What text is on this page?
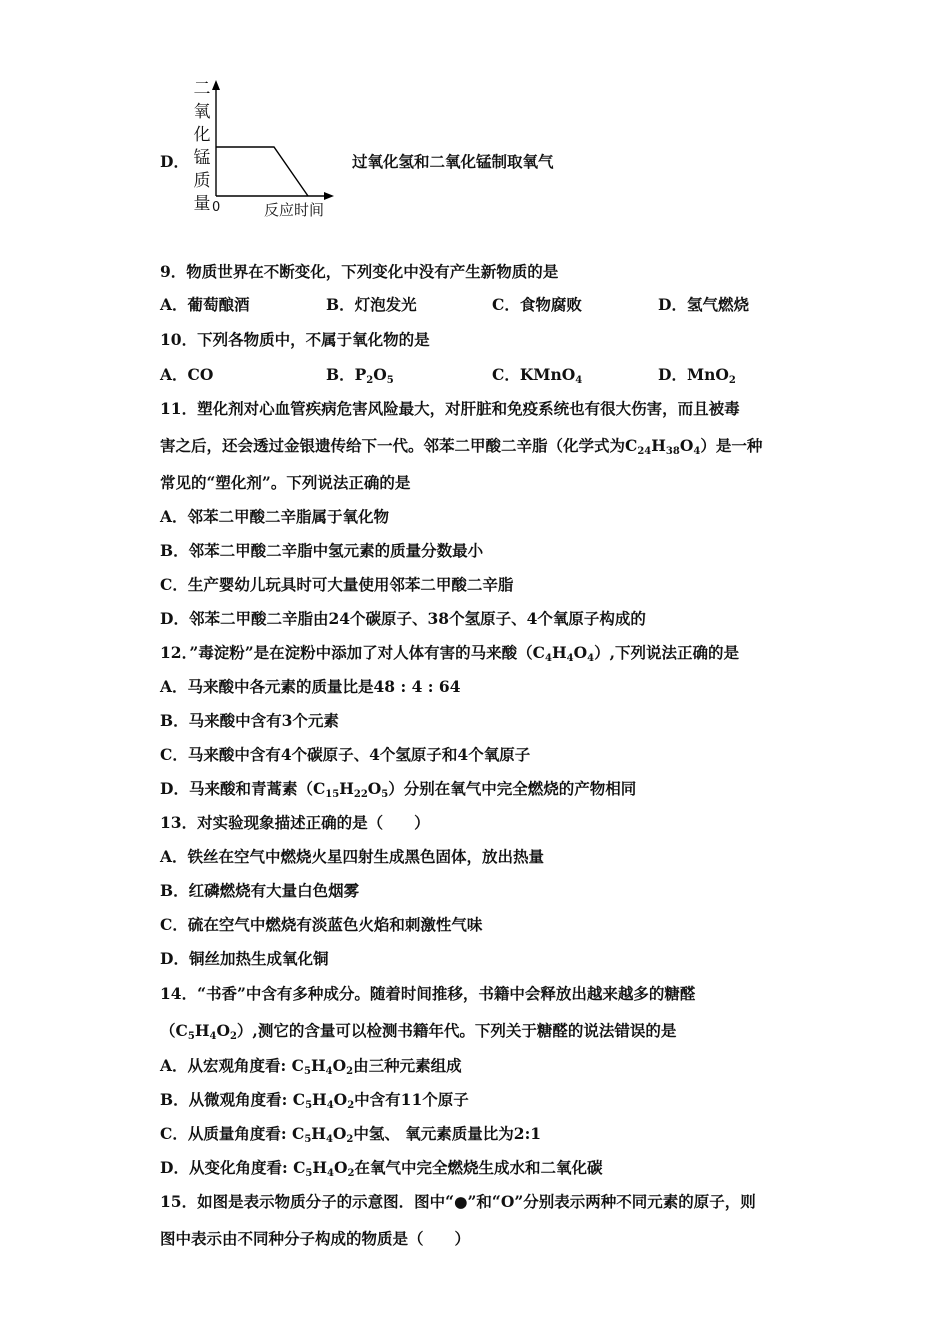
D．
二
氧
化
锰
质
量 0	反应时间
过氧化氢和二氧化锰制取氧气
9．物质世界在不断变化，下列变化中没有产生新物质的是
A．葡萄酿酒	B．灯泡发光	C．食物腐败	D．氢气燃烧
10．下列各物质中，不属于氧化物的是
A．CO	B．$P_2O_5$	C．KMnO$_4$	D．MnO$_2$
11．塑化剂对心血管疾病危害风险最大，对肝脏和免疫系统也有很大伤害，而且被毒
害之后，还会透过金银遗传给下一代。邻苯二甲酸二辛脂（化学式为$C_{24}H_{38}O_4$）是一种
常见的“塑化剂”。下列说法正确的是
A．邻苯二甲酸二辛脂属于氧化物
B．邻苯二甲酸二辛脂中氢元素的质量分数最小
C．生产婴幼儿玩具时可大量使用邻苯二甲酸二辛脂
D．邻苯二甲酸二辛脂由24个碳原子、38个氢原子、4个氧原子构成的
12．”毒淀粉”是在淀粉中添加了对人体有害的马来酸$(C_4H_4O_4)$,下列说法正确的是
A．马来酸中各元素的质量比是48 : 4 : 64
B．马来酸中含有3个元素
C．马来酸中含有4个碳原子、4个氢原子和4个氧原子
D．马来酸和青蒿素$(C_{15}H_{22}O_5)$分别在氧气中完全燃烧的产物相同
13．对实验现象描述正确的是（　　）
A．铁丝在空气中燃烧火星四射生成黑色固体，放出热量
B．红磷燃烧有大量白色烟雾
C．硫在空气中燃烧有淡蓝色火焰和刺激性气味
D．铜丝加热生成氧化铜
14．“书香”中含有多种成分。随着时间推移，书籍中会释放出越来越多的糖醛
$(C_5H_4O_2)$,测它的含量可以检测书籍年代。下列关于糖醛的说法错误的是
A．从宏观角度看: $C_5H_4O_2$由三种元素组成
B．从微观角度看: $C_5H_4O_2$中含有11个原子
C．从质量角度看: $C_5H_4O_2$中氢、 氧元素质量比为2:1
D．从变化角度看: $C_5H_4O_2$在氧气中完全燃烧生成水和二氧化碳
15．如图是表示物质分子的示意图．图中“●”和“O”分别表示两种不同元素的原子，则
图中表示由不同种分子构成的物质是（　　）
